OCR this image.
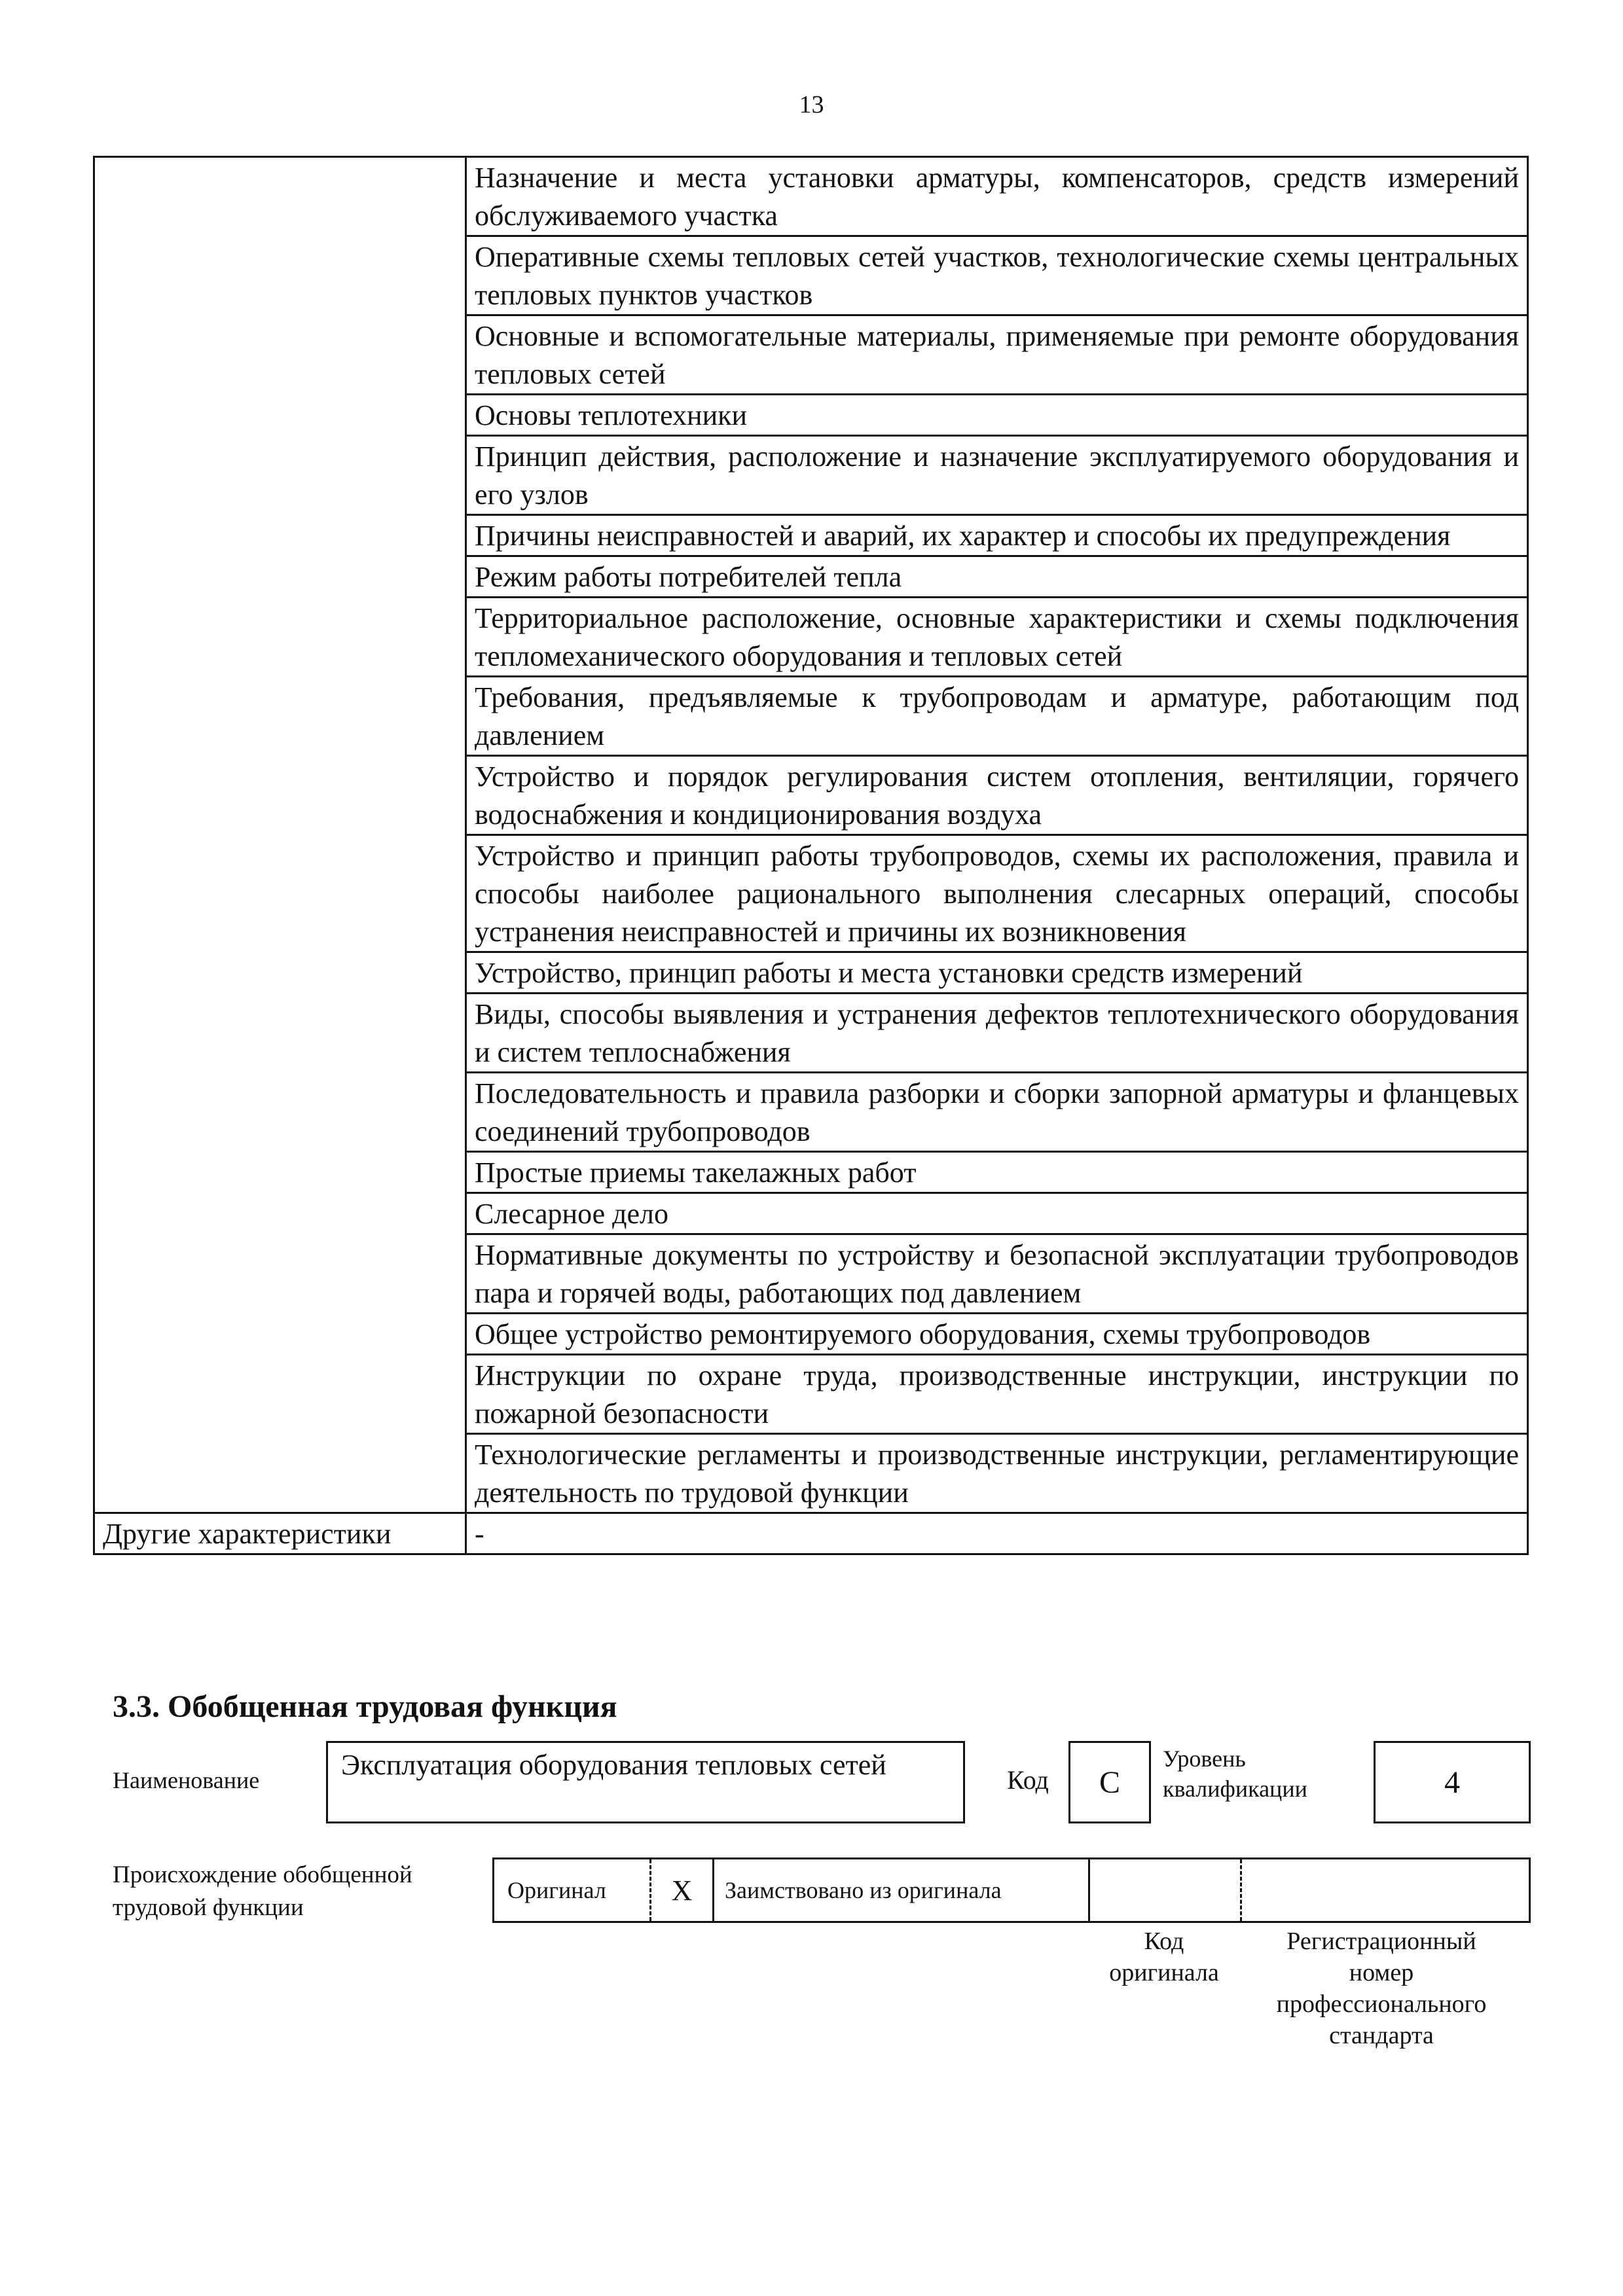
13
	Назначение и места установки арматуры, компенсаторов, средств измерений обслуживаемого участка
	Оперативные схемы тепловых сетей участков, технологические схемы центральных тепловых пунктов участков
	Основные и вспомогательные материалы, применяемые при ремонте оборудования тепловых сетей
	Основы теплотехники
	Принцип действия, расположение и назначение эксплуатируемого оборудования и его узлов
	Причины неисправностей и аварий, их характер и способы их предупреждения
	Режим работы потребителей тепла
	Территориальное расположение, основные характеристики и схемы подключения тепломеханического оборудования и тепловых сетей
	Требования, предъявляемые к трубопроводам и арматуре, работающим под давлением
	Устройство и порядок регулирования систем отопления, вентиляции, горячего водоснабжения и кондиционирования воздуха
	Устройство и принцип работы трубопроводов, схемы их расположения, правила и способы наиболее рационального выполнения слесарных операций, способы устранения неисправностей и причины их возникновения
	Устройство, принцип работы и места установки средств измерений
	Виды, способы выявления и устранения дефектов теплотехнического оборудования и систем теплоснабжения
	Последовательность и правила разборки и сборки запорной арматуры и фланцевых соединений трубопроводов
	Простые приемы такелажных работ
	Слесарное дело
	Нормативные документы по устройству и безопасной эксплуатации трубопроводов пара и горячей воды, работающих под давлением
	Общее устройство ремонтируемого оборудования, схемы трубопроводов
	Инструкции по охране труда, производственные инструкции, инструкции по пожарной безопасности
	Технологические регламенты и производственные инструкции, регламентирующие деятельность по трудовой функции
Другие характеристики	-
3.3. Обобщенная трудовая функция
Наименование	Эксплуатация оборудования тепловых сетей	Код C
Уровень квалификации	4
Происхождение обобщенной трудовой функции
Оригинал X Заимствовано из оригинала
Код оригинала
Регистрационный номер профессионального стандарта
